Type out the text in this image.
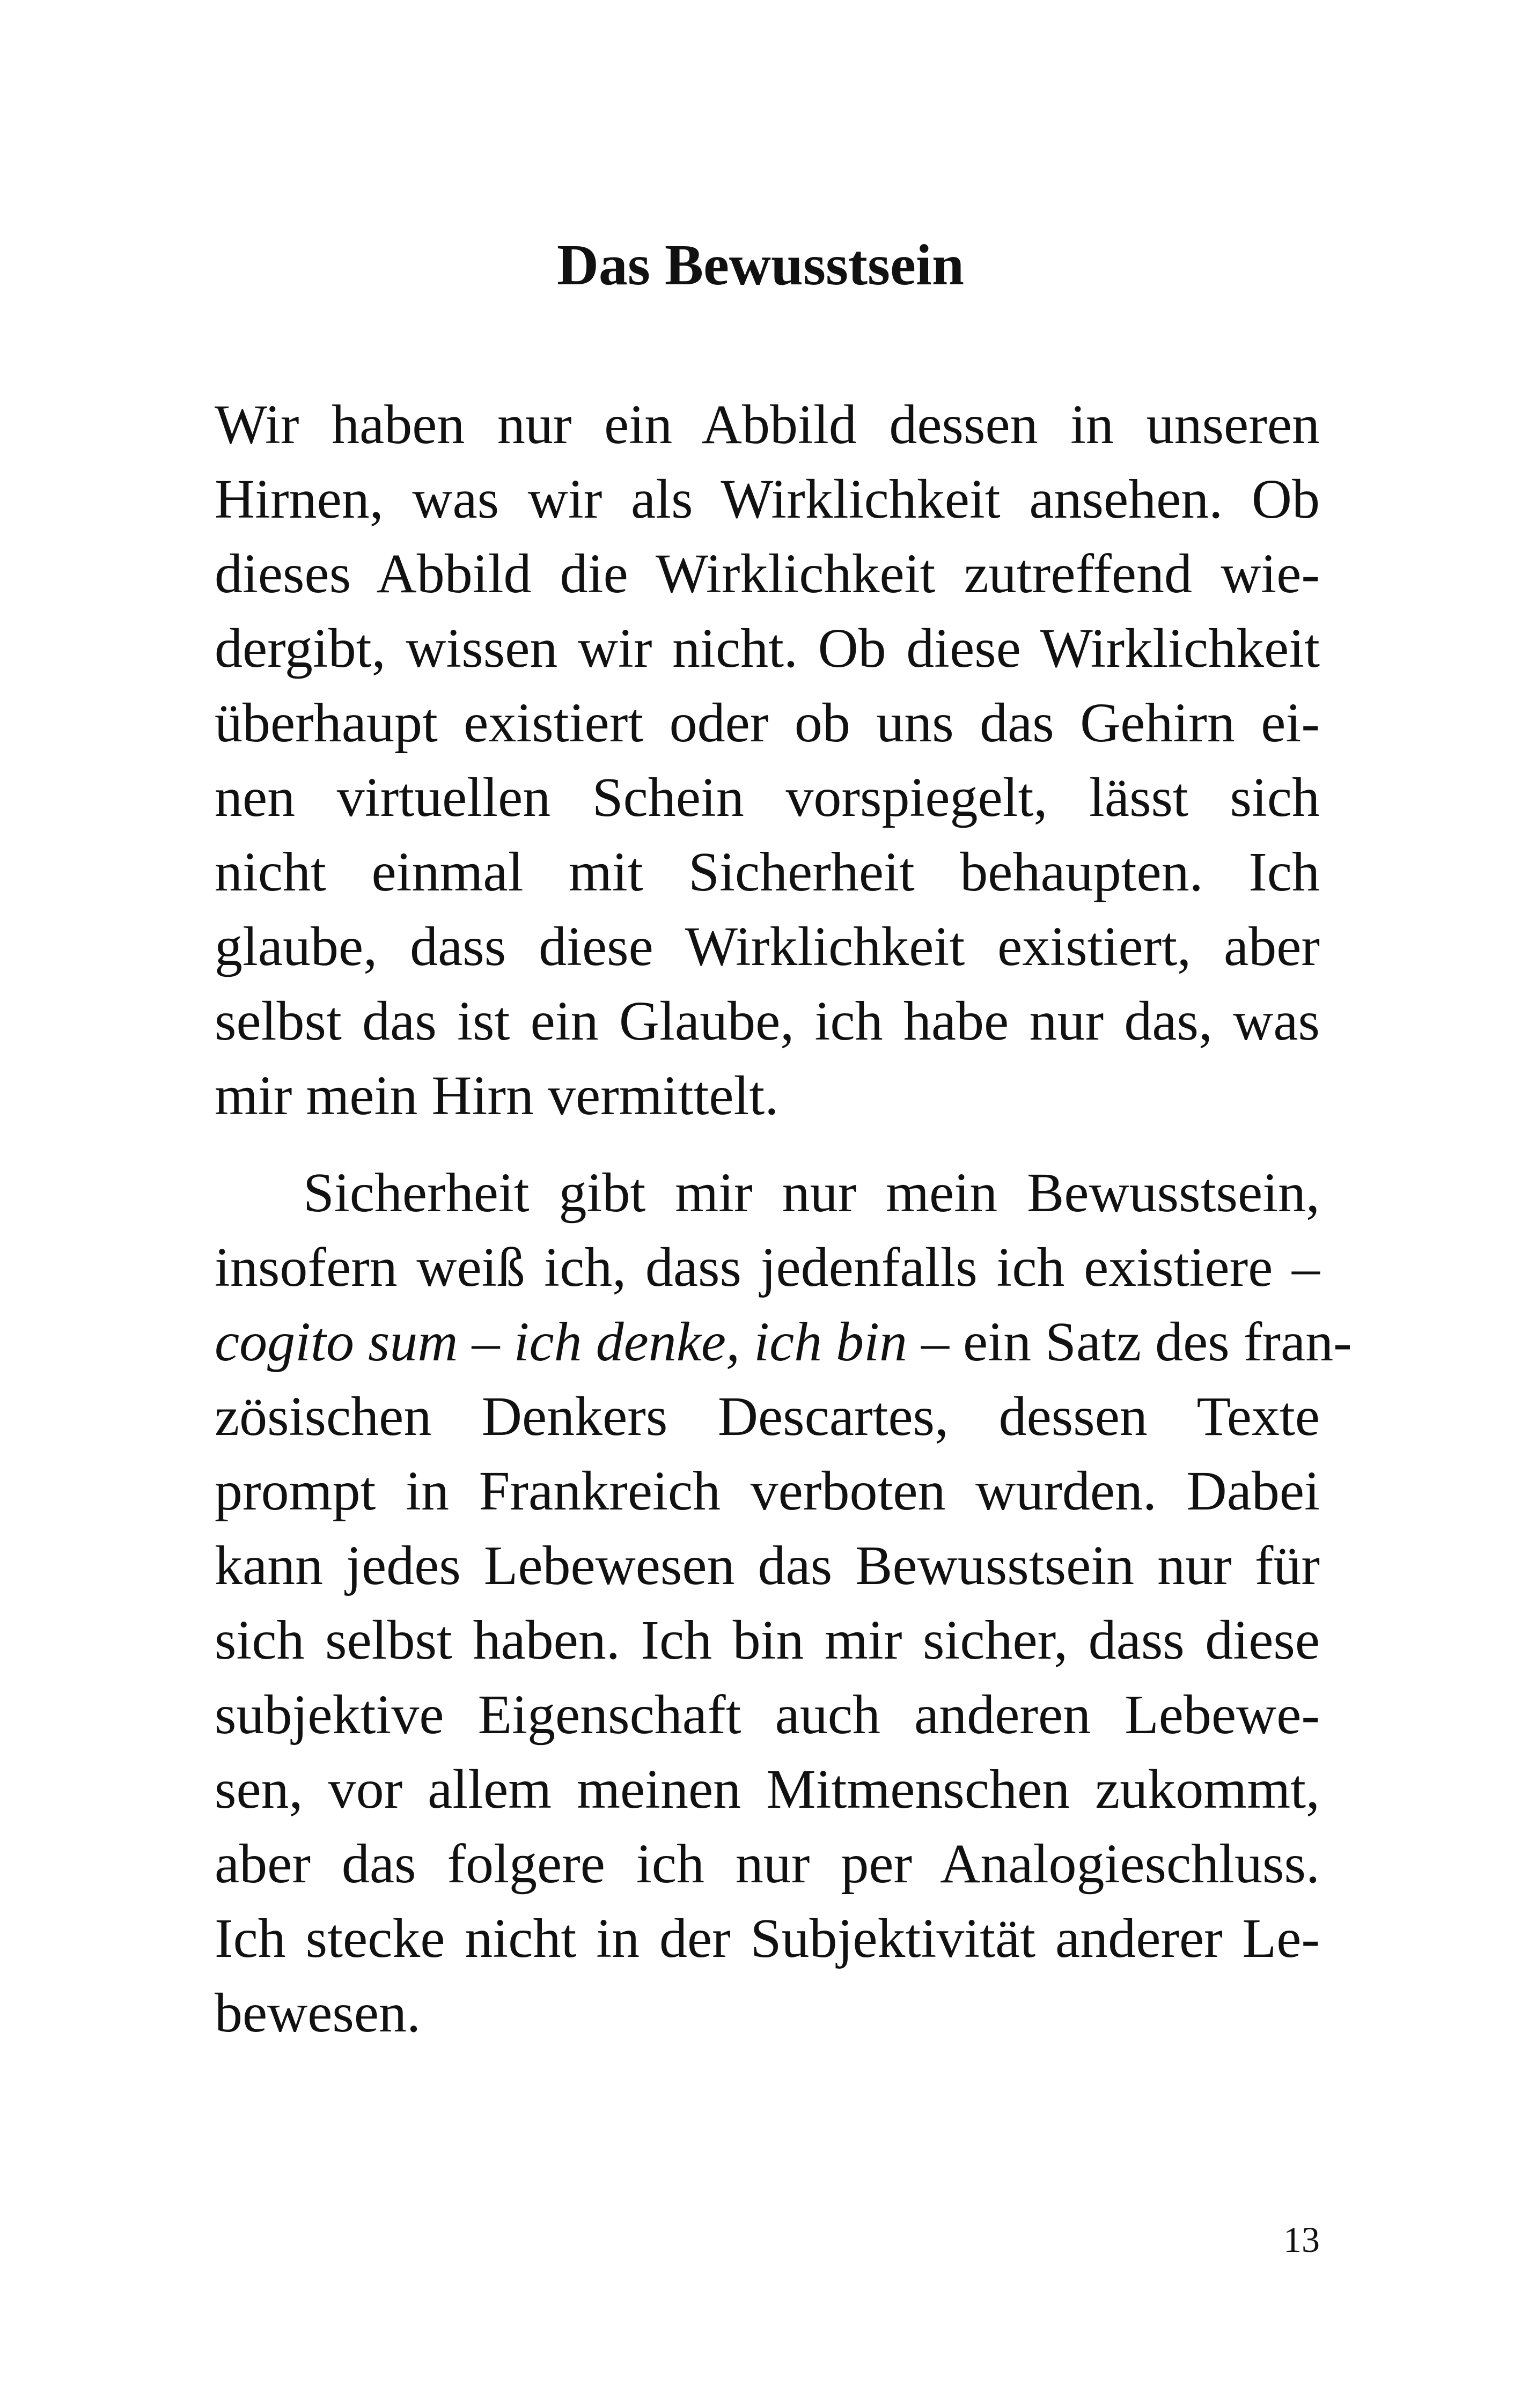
Das Bewusstsein
Wir haben nur ein Abbild dessen in unseren
Hirnen, was wir als Wirklichkeit ansehen. Ob
dieses Abbild die Wirklichkeit zutreffend wie-
dergibt, wissen wir nicht. Ob diese Wirklichkeit
überhaupt existiert oder ob uns das Gehirn ei-
nen virtuellen Schein vorspiegelt, lässt sich
nicht einmal mit Sicherheit behaupten. Ich
glaube, dass diese Wirklichkeit existiert, aber
selbst das ist ein Glaube, ich habe nur das, was
mir mein Hirn vermittelt.
Sicherheit gibt mir nur mein Bewusstsein,
insofern weiß ich, dass jedenfalls ich existiere –
cogito sum – ich denke, ich bin – ein Satz des fran-
zösischen Denkers Descartes, dessen Texte
prompt in Frankreich verboten wurden. Dabei
kann jedes Lebewesen das Bewusstsein nur für
sich selbst haben. Ich bin mir sicher, dass diese
subjektive Eigenschaft auch anderen Lebewe-
sen, vor allem meinen Mitmenschen zukommt,
aber das folgere ich nur per Analogieschluss.
Ich stecke nicht in der Subjektivität anderer Le-
bewesen.
13
